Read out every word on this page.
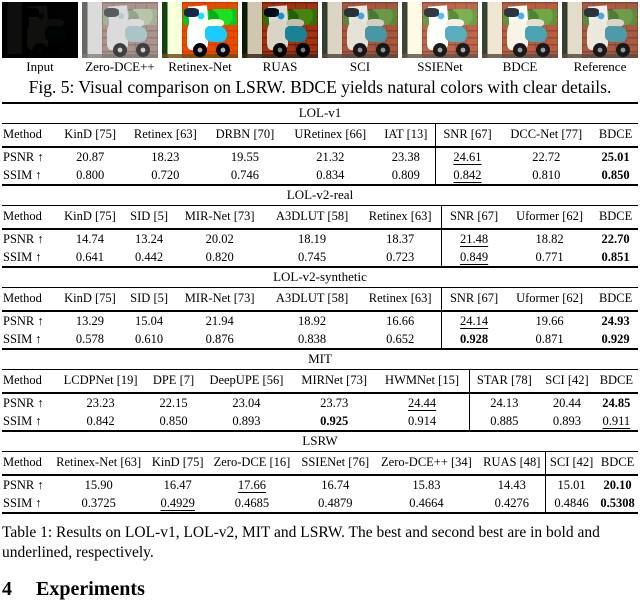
Input	Zero-DCE++	Retinex-Net	RUAS	SCI	SSIENet	BDCE	Reference
Fig. 5: Visual comparison on LSRW. BDCE yields natural colors with clear details.
LOL-v1								
Method	KinD [75]	Retinex [63]	DRBN [70]	URetinex [66]	IAT [13]	SNR [67]	DCC-Net [77]	BDCE
PSNR ↑	20.87	18.23	19.55	21.32	23.38	24.61	22.72	25.01
SSIM ↑	0.800	0.720	0.746	0.834	0.809	0.842	0.810	0.850
LOL-v2-real								
Method	KinD [75]	SID [5]	MIR-Net [73]	A3DLUT [58]	Retinex [63]	SNR [67]	Uformer [62]	BDCE
PSNR ↑	14.74	13.24	20.02	18.19	18.37	21.48	18.82	22.70
SSIM ↑	0.641	0.442	0.820	0.745	0.723	0.849	0.771	0.851
LOL-v2-synthetic								
Method	KinD [75]	SID [5]	MIR-Net [73]	A3DLUT [58]	Retinex [63]	SNR [67]	Uformer [62]	BDCE
PSNR ↑	13.29	15.04	21.94	18.92	16.66	24.14	19.66	24.93
SSIM ↑	0.578	0.610	0.876	0.838	0.652	0.928	0.871	0.929
MIT								
Method	LCDPNet [19]	DPE [7]	DeepUPE [56]	MIRNet [73]	HWMNet [15]	STAR [78]	SCI [42]	BDCE
PSNR ↑	23.23	22.15	23.04	23.73	24.44	24.13	20.44	24.85
SSIM ↑	0.842	0.850	0.893	0.925	0.914	0.885	0.893	0.911
LSRW								
Method	Retinex-Net [63]	KinD [75]	Zero-DCE [16]	SSIENet [76]	Zero-DCE++ [34]	RUAS [48]	SCI [42]	BDCE
PSNR ↑	15.90	16.47	17.66	16.74	15.83	14.43	15.01	20.10
SSIM ↑	0.3725	0.4929	0.4685	0.4879	0.4664	0.4276	0.4846	0.5308
Table 1: Results on LOL-v1, LOL-v2, MIT and LSRW. The best and second best are in bold and underlined, respectively.
4 Experiments
